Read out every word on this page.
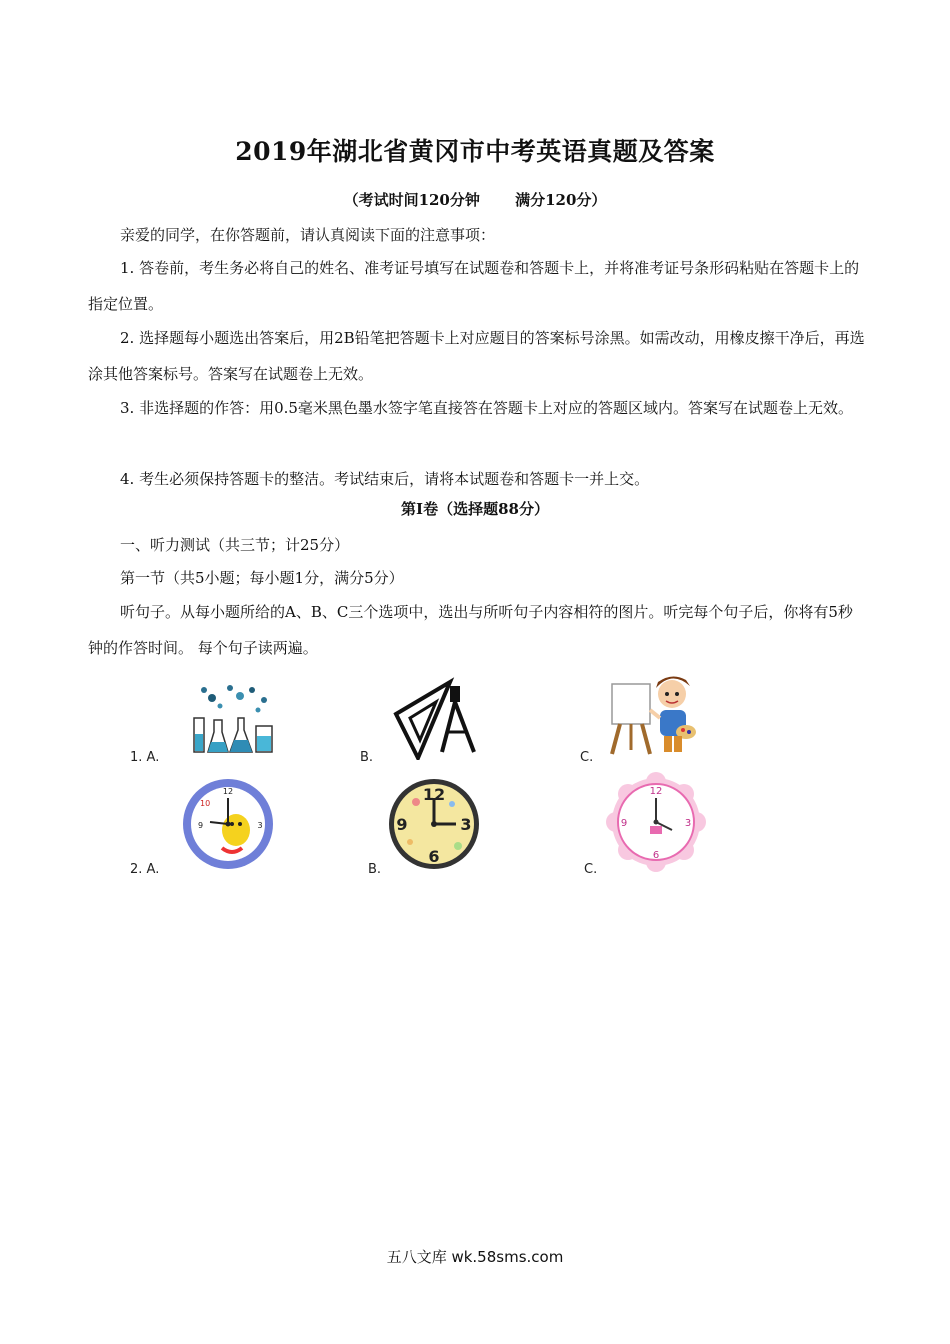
2019年湖北省黄冈市中考英语真题及答案
（考试时间120分钟　　 满分120分）
亲爱的同学，在你答题前，请认真阅读下面的注意事项：
1. 答卷前，考生务必将自己的姓名、准考证号填写在试题卷和答题卡上，并将准考证号条形码粘贴在答题卡上的指定位置。
2. 选择题每小题选出答案后，用2B铅笔把答题卡上对应题目的答案标号涂黑。如需改动，用橡皮擦干净后，再选涂其他答案标号。答案写在试题卷上无效。
3. 非选择题的作答：用0.5毫米黑色墨水签字笔直接答在答题卡上对应的答题区域内。答案写在试题卷上无效。
4. 考生必须保持答题卡的整洁。考试结束后，请将本试题卷和答题卡一并上交。
第I卷（选择题88分）
一、听力测试（共三节；计25分）
第一节（共5小题；每小题1分，满分5分）
听句子。从每小题所给的A、B、C三个选项中，选出与所听句子内容相符的图片。听完每个句子后，你将有5秒钟的作答时间。 每个句子读两遍。
1. A.	B.	C.
2. A.
12
10
3
9
B.
12
3
6
9
C.
12
3
6
9
五八文库 wk.58sms.com
